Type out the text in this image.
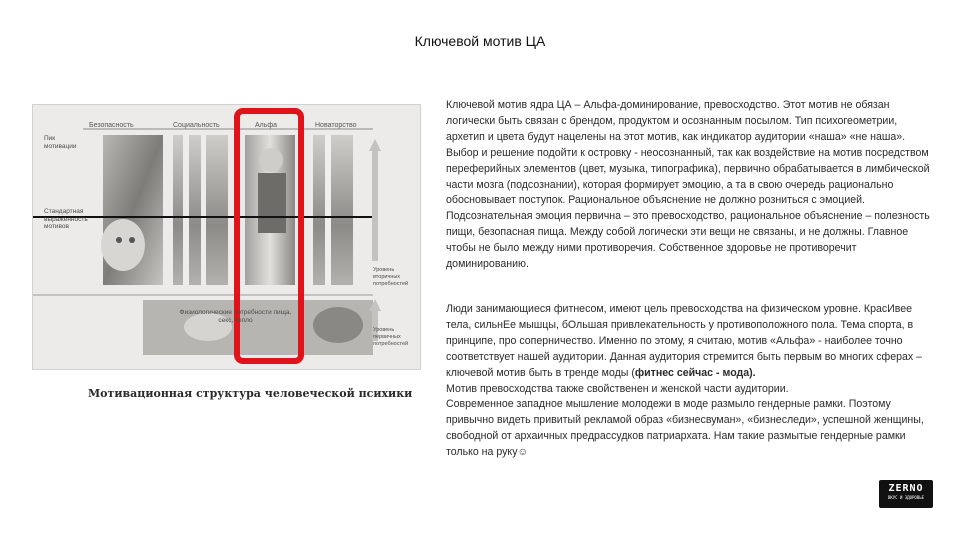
Ключевой мотив ЦА
Безопасность	Социальность	Альфа	Новаторство
Пик мотивации
Стандартная выраженность мотивов
Физиологические потребности пища, секс, тепло
Уровень вторичных потребностей
Уровень первичных потребностей
Мотивационная структура человеческой психики
Ключевой мотив ядра ЦА – Альфа-доминирование, превосходство. Этот мотив не обязан логически быть связан с брендом, продуктом и осознанным посылом. Тип психогеометрии, архетип и цвета будут нацелены на этот мотив, как индикатор аудитории «наша» «не наша». Выбор и решение подойти к островку - неосознанный, так как воздействие на мотив посредством переферийных элементов (цвет, музыка, типографика), первично обрабатывается в лимбической части мозга (подсознании), которая формирует эмоцию, а та в свою очередь рационально обосновывает поступок. Рациональное объяснение не должно розниться с эмоцией. Подсознательная эмоция первична – это превосходство, рациональное объяснение – полезность пищи, безопасная пища. Между собой логически эти вещи не связаны, и не должны. Главное чтобы не было между ними противоречия. Собственное здоровье не противоречит доминированию.

Люди занимающиеся фитнесом, имеют цель превосходства на физическом уровне. КрасИвее тела, сильнЕе мышцы, бОльшая привлекательность у противоположного пола. Тема спорта, в принципе, про соперничество. Именно по этому, я считаю, мотив «Альфа» - наиболее точно соответствует нашей аудитории. Данная аудитория стремится быть первым во многих сферах – ключевой мотив быть в тренде моды (фитнес сейчас - мода).

Мотив превосходства также свойственен и женской части аудитории.

Современное западное мышление молодежи в моде размыло гендерные рамки. Поэтому привычно видеть привитый рекламой образ «бизнесвуман», «бизнеследи», успешной женщины, свободной от архаичных предрассудков патриархата. Нам такие размытые гендерные рамки только на руку☺

ZERNO
ВКУС И ЗДОРОВЬЕ
